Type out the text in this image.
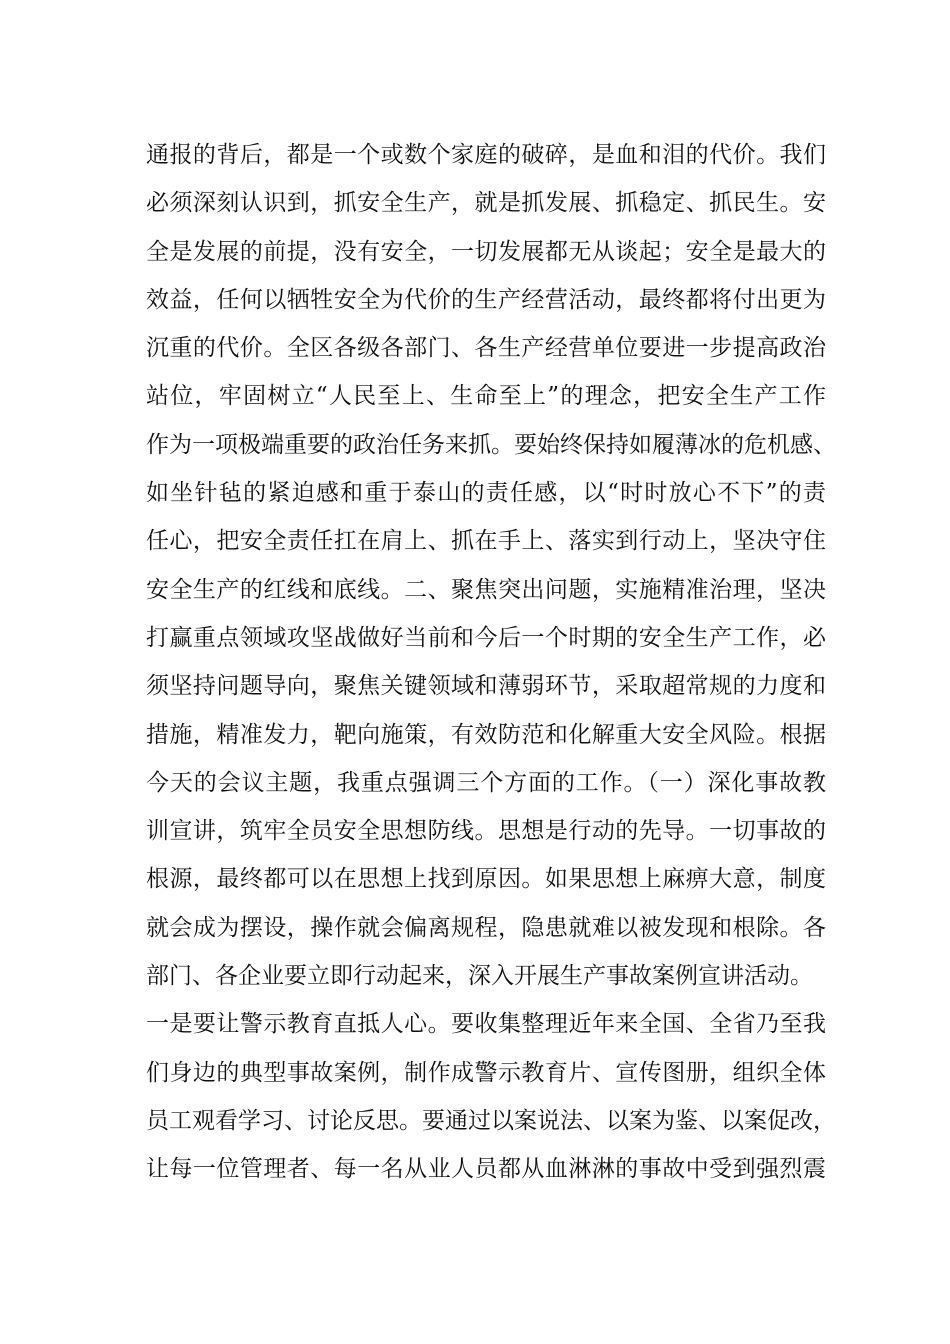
通报的背后，都是一个或数个家庭的破碎，是血和泪的代价。我们
必须深刻认识到，抓安全生产，就是抓发展、抓稳定、抓民生。安
全是发展的前提，没有安全，一切发展都无从谈起；安全是最大的
效益，任何以牺牲安全为代价的生产经营活动，最终都将付出更为
沉重的代价。全区各级各部门、各生产经营单位要进一步提高政治
站位，牢固树立“人民至上、生命至上”的理念，把安全生产工作
作为一项极端重要的政治任务来抓。要始终保持如履薄冰的危机感、
如坐针毡的紧迫感和重于泰山的责任感，以“时时放心不下”的责
任心，把安全责任扛在肩上、抓在手上、落实到行动上，坚决守住
安全生产的红线和底线。二、聚焦突出问题，实施精准治理，坚决
打赢重点领域攻坚战做好当前和今后一个时期的安全生产工作，必
须坚持问题导向，聚焦关键领域和薄弱环节，采取超常规的力度和
措施，精准发力，靶向施策，有效防范和化解重大安全风险。根据
今天的会议主题，我重点强调三个方面的工作。（一）深化事故教
训宣讲，筑牢全员安全思想防线。思想是行动的先导。一切事故的
根源，最终都可以在思想上找到原因。如果思想上麻痹大意，制度
就会成为摆设，操作就会偏离规程，隐患就难以被发现和根除。各
部门、各企业要立即行动起来，深入开展生产事故案例宣讲活动。
一是要让警示教育直抵人心。要收集整理近年来全国、全省乃至我
们身边的典型事故案例，制作成警示教育片、宣传图册，组织全体
员工观看学习、讨论反思。要通过以案说法、以案为鉴、以案促改，
让每一位管理者、每一名从业人员都从血淋淋的事故中受到强烈震
